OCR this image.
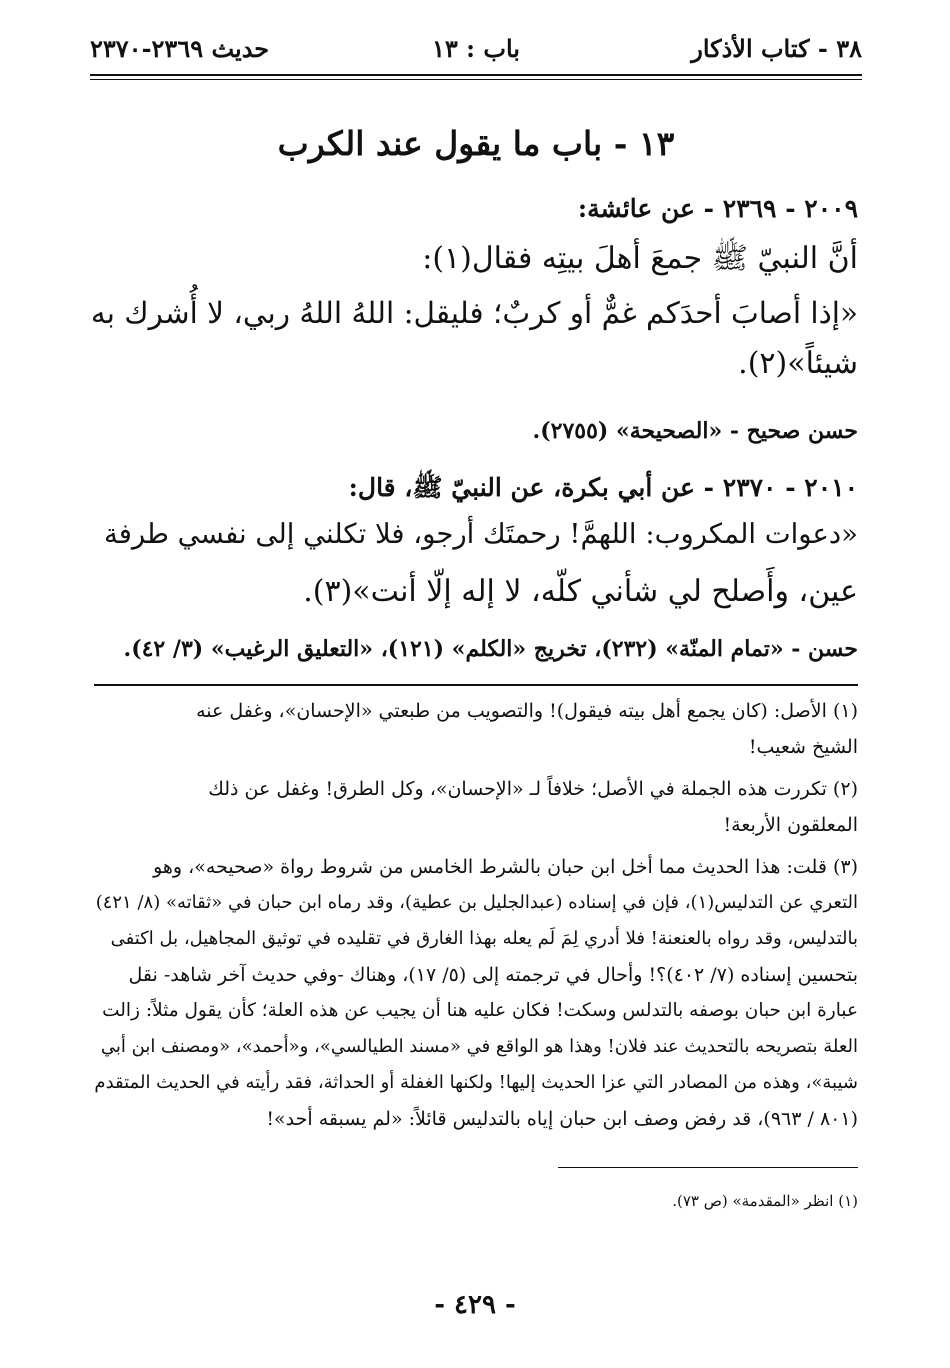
٣٨ - كتاب الأذكار
باب : ١٣
حديث ٢٣٦٩-٢٣٧٠
١٣ - باب ما يقول عند الكرب
٢٠٠٩ - ٢٣٦٩ - عن عائشة:
أنَّ النبيّ ﷺ جمعَ أهلَ بيتِه فقال(١):
«إذا أصابَ أحدَكم غمٌّ أو كربٌ؛ فليقل: اللهُ اللهُ ربي، لا أُشرك به
شيئاً»(٢).
حسن صحيح - «الصحيحة» (٢٧٥٥).
٢٠١٠ - ٢٣٧٠ - عن أبي بكرة، عن النبيّ ﷺ، قال:
«دعوات المكروب: اللهمَّ! رحمتَك أرجو، فلا تكلني إلى نفسي طرفة
عين، وأَصلح لي شأني كلّه، لا إله إلّا أنت»(٣).
حسن - «تمام المنّة» (٢٣٢)، تخريج «الكلم» (١٢١)، «التعليق الرغيب» (٣/ ٤٢).
(١) الأصل: (كان يجمع أهل بيته فيقول)! والتصويب من طبعتي «الإحسان»، وغفل عنه
الشيخ شعيب!
(٢) تكررت هذه الجملة في الأصل؛ خلافاً لـ «الإحسان»، وكل الطرق! وغفل عن ذلك
المعلقون الأربعة!
(٣) قلت: هذا الحديث مما أخل ابن حبان بالشرط الخامس من شروط رواة «صحيحه»، وهو
التعري عن التدليس(١)، فإن في إسناده (عبدالجليل بن عطية)، وقد رماه ابن حبان في «ثقاته» (٨/ ٤٢١)
بالتدليس، وقد رواه بالعنعنة! فلا أدري لِمَ لَم يعله بهذا الغارق في تقليده في توثيق المجاهيل، بل اكتفى
بتحسين إسناده (٧/ ٤٠٢)؟! وأحال في ترجمته إلى (٥/ ١٧)، وهناك -وفي حديث آخر شاهد- نقل
عبارة ابن حبان بوصفه بالتدلس وسكت! فكان عليه هنا أن يجيب عن هذه العلة؛ كأن يقول مثلاً: زالت
العلة بتصريحه بالتحديث عند فلان! وهذا هو الواقع في «مسند الطيالسي»، و«أحمد»، «ومصنف ابن أبي
شيبة»، وهذه من المصادر التي عزا الحديث إليها! ولكنها الغفلة أو الحداثة، فقد رأيته في الحديث المتقدم
(٨٠١ / ٩٦٣)، قد رفض وصف ابن حبان إياه بالتدليس قائلاً: «لم يسبقه أحد»!
(١) انظر «المقدمة» (ص ٧٣).
- ٤٢٩ -
